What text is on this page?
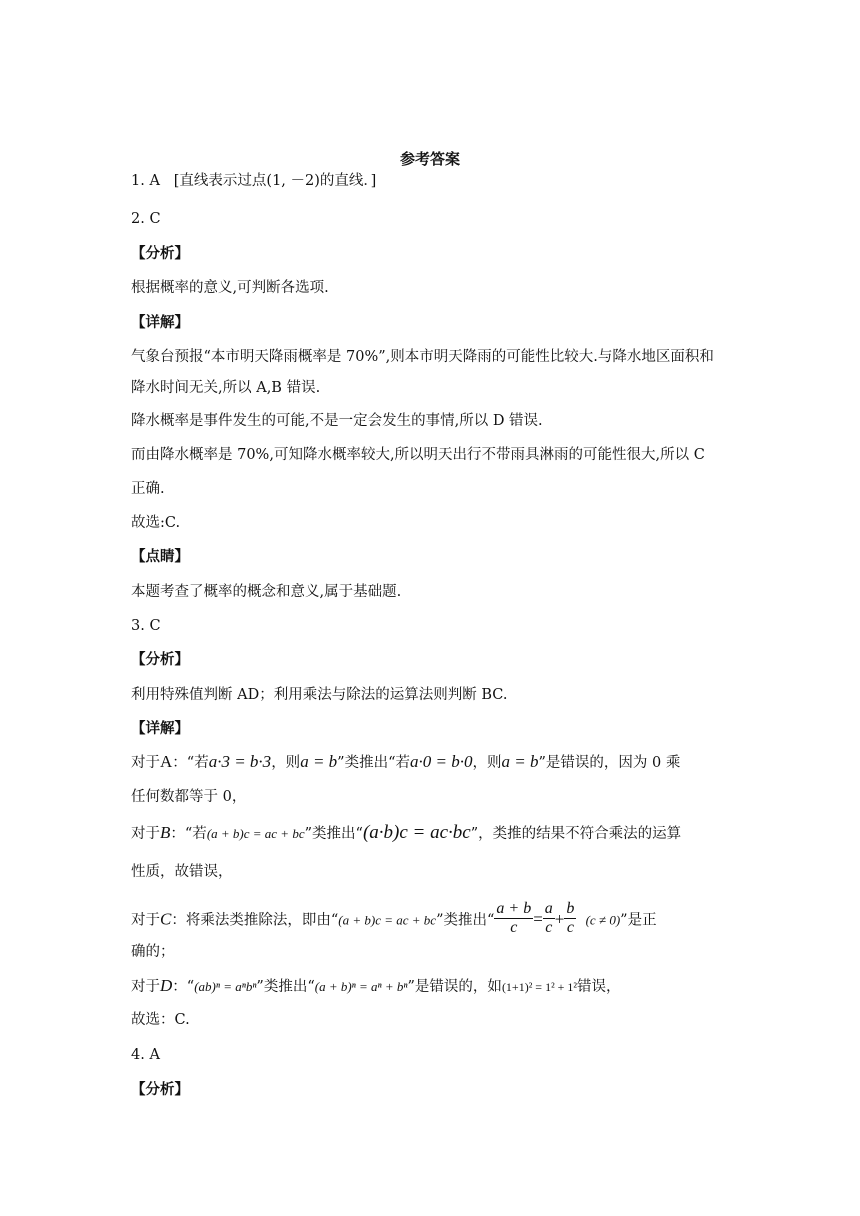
参考答案
1. A [直线表示过点(1, －2)的直线．]
2. C
【分析】
根据概率的意义,可判断各选项.
【详解】
气象台预报“本市明天降雨概率是 70%”,则本市明天降雨的可能性比较大.与降水地区面积和
降水时间无关,所以 A,B 错误.
降水概率是事件发生的可能,不是一定会发生的事情,所以 D 错误.
而由降水概率是 70%,可知降水概率较大,所以明天出行不带雨具淋雨的可能性很大,所以 C
正确.
故选:C.
【点睛】
本题考查了概率的概念和意义,属于基础题.
3. C
【分析】
利用特殊值判断 AD；利用乘法与除法的运算法则判断 BC.
【详解】
对于A：“若a·3 = b·3，则a = b”类推出“若a·0 = b·0，则a = b”是错误的，因为 0 乘
任何数都等于 0，
对于B：“若(a + b)c = ac + bc”类推出“(a·b)c = ac·bc”，类推的结果不符合乘法的运算
性质，故错误，
对于C：将乘法类推除法，即由“(a + b)c = ac + bc”类推出“ $\frac{a + b}{c} = \frac{a}{c} + \frac{b}{c} (c \ne 0)$”是正
确的；
对于D：“(ab)ⁿ = aⁿbⁿ”类推出“(a + b)ⁿ = aⁿ + bⁿ”是错误的，如(1+1)² = 1² + 1²错误，
故选：C.
4. A
【分析】
